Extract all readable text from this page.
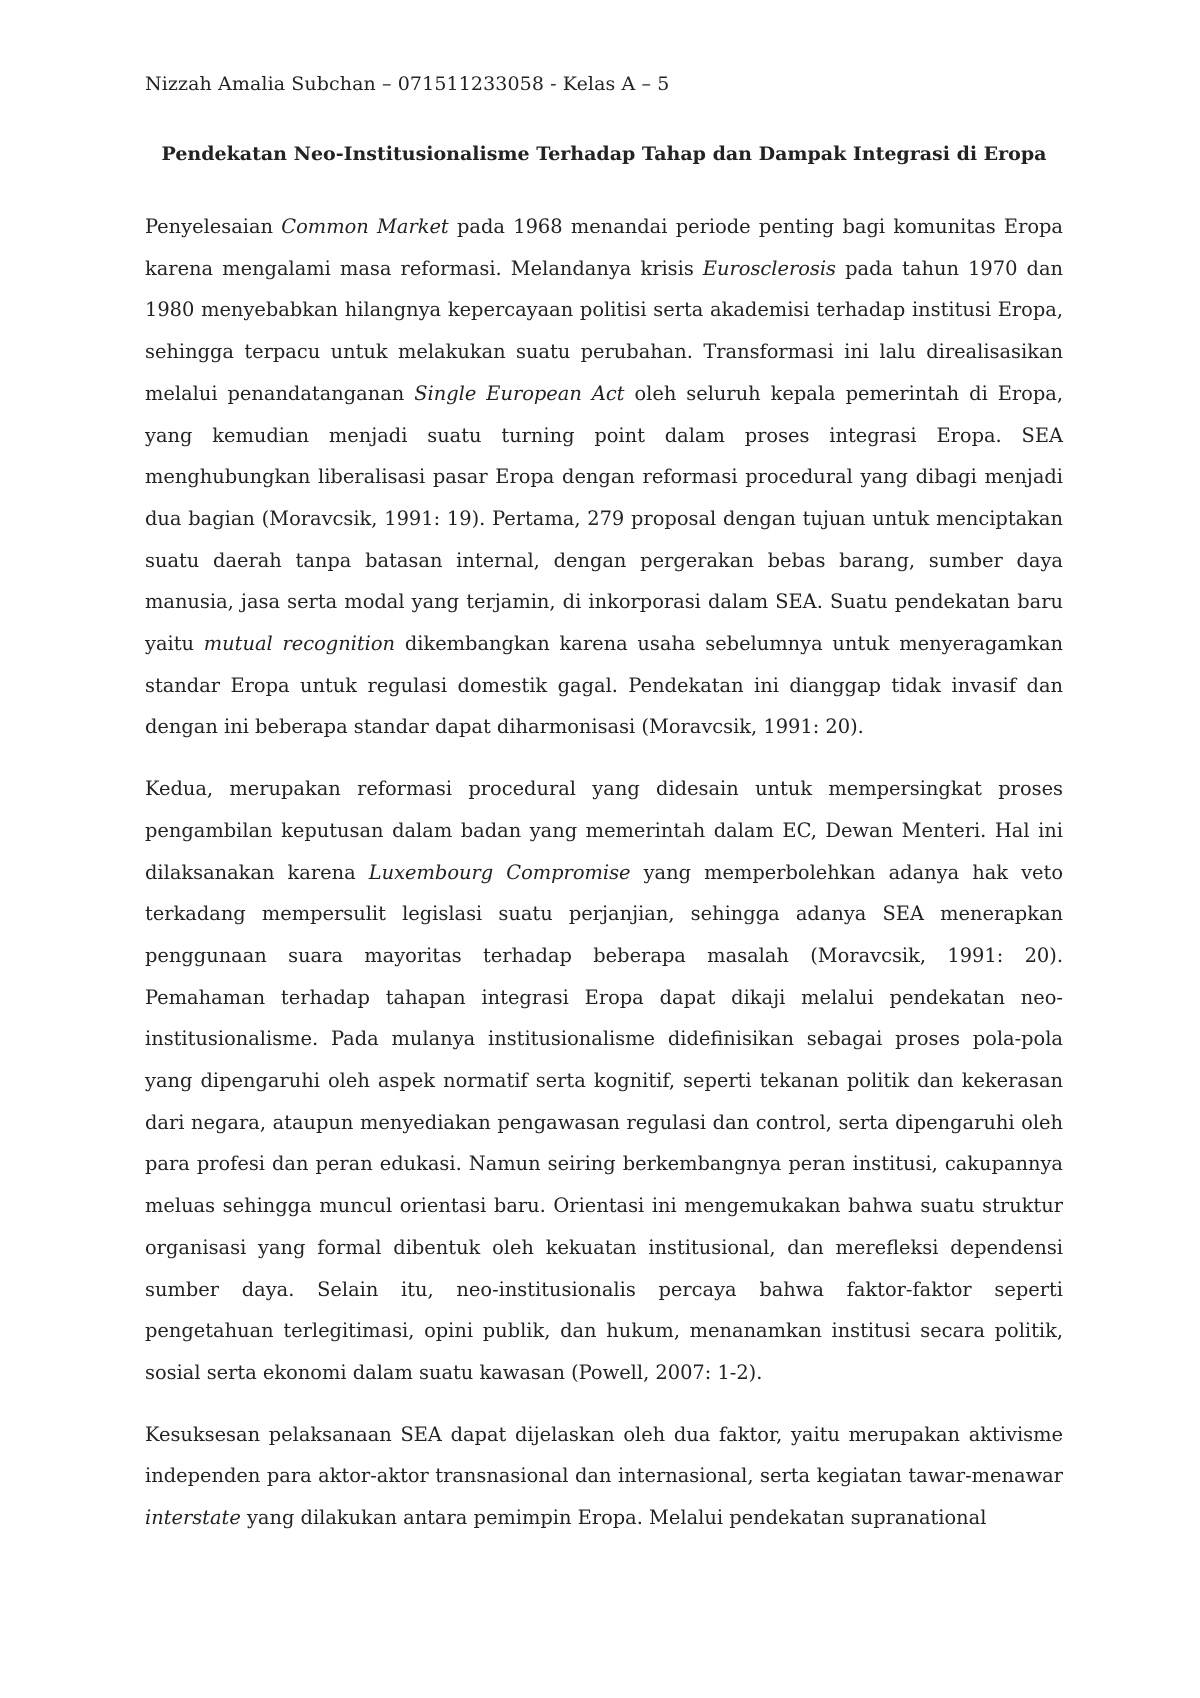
Nizzah Amalia Subchan – 071511233058 - Kelas A – 5
Pendekatan Neo-Institusionalisme Terhadap Tahap dan Dampak Integrasi di Eropa

Penyelesaian Common Market pada 1968 menandai periode penting bagi komunitas Eropa karena mengalami masa reformasi. Melandanya krisis Eurosclerosis pada tahun 1970 dan 1980 menyebabkan hilangnya kepercayaan politisi serta akademisi terhadap institusi Eropa, sehingga terpacu untuk melakukan suatu perubahan. Transformasi ini lalu direalisasikan melalui penandatanganan Single European Act oleh seluruh kepala pemerintah di Eropa, yang kemudian menjadi suatu turning point dalam proses integrasi Eropa. SEA menghubungkan liberalisasi pasar Eropa dengan reformasi procedural yang dibagi menjadi dua bagian (Moravcsik, 1991: 19). Pertama, 279 proposal dengan tujuan untuk menciptakan suatu daerah tanpa batasan internal, dengan pergerakan bebas barang, sumber daya manusia, jasa serta modal yang terjamin, di inkorporasi dalam SEA. Suatu pendekatan baru yaitu mutual recognition dikembangkan karena usaha sebelumnya untuk menyeragamkan standar Eropa untuk regulasi domestik gagal. Pendekatan ini dianggap tidak invasif dan dengan ini beberapa standar dapat diharmonisasi (Moravcsik, 1991: 20).

Kedua, merupakan reformasi procedural yang didesain untuk mempersingkat proses pengambilan keputusan dalam badan yang memerintah dalam EC, Dewan Menteri. Hal ini dilaksanakan karena Luxembourg Compromise yang memperbolehkan adanya hak veto terkadang mempersulit legislasi suatu perjanjian, sehingga adanya SEA menerapkan penggunaan suara mayoritas terhadap beberapa masalah (Moravcsik, 1991: 20). Pemahaman terhadap tahapan integrasi Eropa dapat dikaji melalui pendekatan neo-institusionalisme. Pada mulanya institusionalisme didefinisikan sebagai proses pola-pola yang dipengaruhi oleh aspek normatif serta kognitif, seperti tekanan politik dan kekerasan dari negara, ataupun menyediakan pengawasan regulasi dan control, serta dipengaruhi oleh para profesi dan peran edukasi. Namun seiring berkembangnya peran institusi, cakupannya meluas sehingga muncul orientasi baru. Orientasi ini mengemukakan bahwa suatu struktur organisasi yang formal dibentuk oleh kekuatan institusional, dan merefleksi dependensi sumber daya. Selain itu, neo-institusionalis percaya bahwa faktor-faktor seperti pengetahuan terlegitimasi, opini publik, dan hukum, menanamkan institusi secara politik, sosial serta ekonomi dalam suatu kawasan (Powell, 2007: 1-2).

Kesuksesan pelaksanaan SEA dapat dijelaskan oleh dua faktor, yaitu merupakan aktivisme independen para aktor-aktor transnasional dan internasional, serta kegiatan tawar-menawar interstate yang dilakukan antara pemimpin Eropa. Melalui pendekatan supranational
